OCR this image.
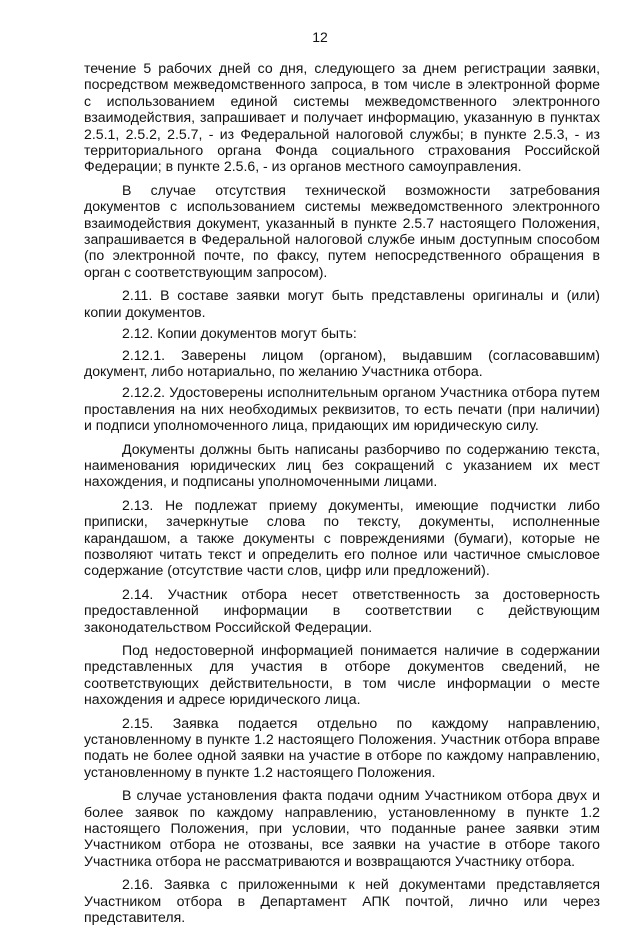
12

течение 5 рабочих дней со дня, следующего за днем регистрации заявки, посредством межведомственного запроса, в том числе в электронной форме с использованием единой системы межведомственного электронного взаимодействия, запрашивает и получает информацию, указанную в пунктах 2.5.1, 2.5.2, 2.5.7, - из Федеральной налоговой службы; в пункте 2.5.3, - из территориального органа Фонда социального страхования Российской Федерации; в пункте 2.5.6, - из органов местного самоуправления.

В случае отсутствия технической возможности затребования документов с использованием системы межведомственного электронного взаимодействия документ, указанный в пункте 2.5.7 настоящего Положения, запрашивается в Федеральной налоговой службе иным доступным способом (по электронной почте, по факсу, путем непосредственного обращения в орган с соответствующим запросом).

2.11. В составе заявки могут быть представлены оригиналы и (или) копии документов.

2.12. Копии документов могут быть:

2.12.1. Заверены лицом (органом), выдавшим (согласовавшим) документ, либо нотариально, по желанию Участника отбора.

2.12.2. Удостоверены исполнительным органом Участника отбора путем проставления на них необходимых реквизитов, то есть печати (при наличии) и подписи уполномоченного лица, придающих им юридическую силу.

Документы должны быть написаны разборчиво по содержанию текста, наименования юридических лиц без сокращений с указанием их мест нахождения, и подписаны уполномоченными лицами.

2.13. Не подлежат приему документы, имеющие подчистки либо приписки, зачеркнутые слова по тексту, документы, исполненные карандашом, а также документы с повреждениями (бумаги), которые не позволяют читать текст и определить его полное или частичное смысловое содержание (отсутствие части слов, цифр или предложений).

2.14. Участник отбора несет ответственность за достоверность предоставленной информации в соответствии с действующим законодательством Российской Федерации.

Под недостоверной информацией понимается наличие в содержании представленных для участия в отборе документов сведений, не соответствующих действительности, в том числе информации о месте нахождения и адресе юридического лица.

2.15. Заявка подается отдельно по каждому направлению, установленному в пункте 1.2 настоящего Положения. Участник отбора вправе подать не более одной заявки на участие в отборе по каждому направлению, установленному в пункте 1.2 настоящего Положения.

В случае установления факта подачи одним Участником отбора двух и более заявок по каждому направлению, установленному в пункте 1.2 настоящего Положения, при условии, что поданные ранее заявки этим Участником отбора не отозваны, все заявки на участие в отборе такого Участника отбора не рассматриваются и возвращаются Участнику отбора.

2.16. Заявка с приложенными к ней документами представляется Участником отбора в Департамент АПК почтой, лично или через представителя.
